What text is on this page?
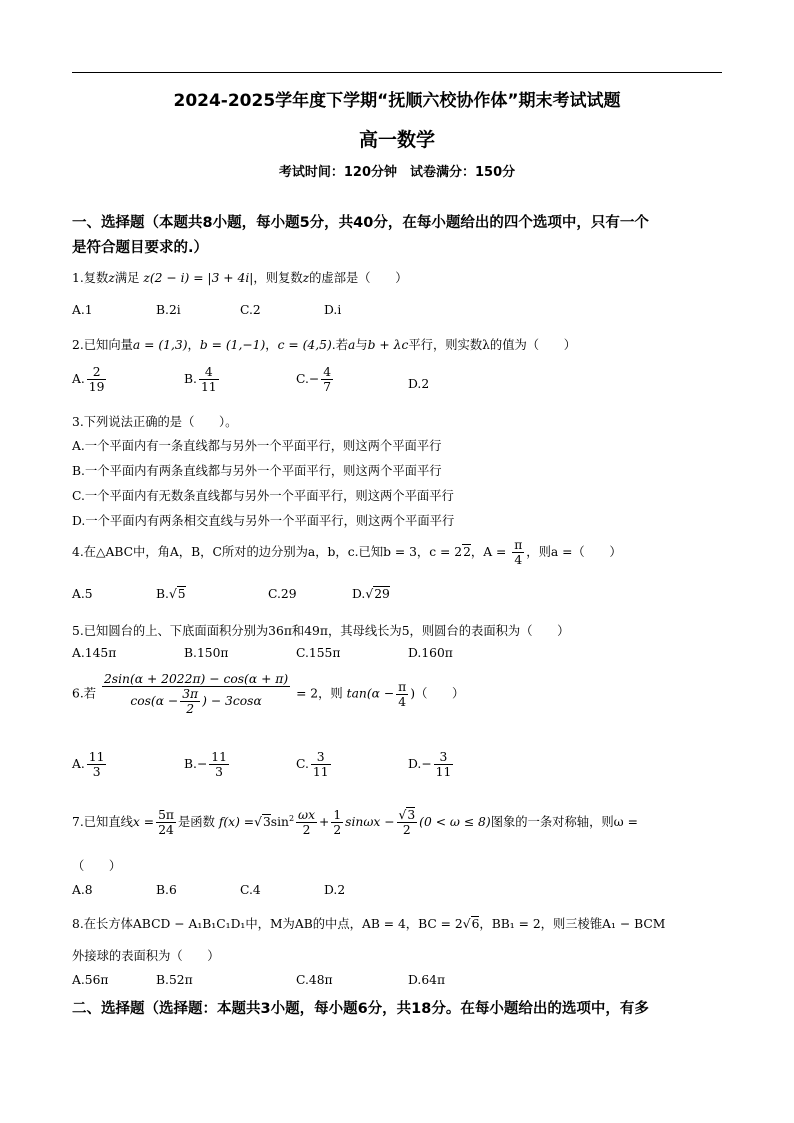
2024-2025学年度下学期“抚顺六校协作体”期末考试试题
高一数学
考试时间：120分钟　试卷满分：150分
一、选择题（本题共8小题，每小题5分，共40分，在每小题给出的四个选项中，只有一个
是符合题目要求的.）
1.复数z满足 z(2 − i) = |3 + 4i|，则复数z的虚部是（　　）
A.1	B.2i	C.2	D.i
2.已知向量a = (1,3)，b = (1,−1)，c = (4,5).若a与b + λc平行，则实数λ的值为（　　）
A. $\frac{2}{19}$	B. $\frac{4}{11}$	$C.- \frac{4}{7}$	D.2
3.下列说法正确的是（　　）。
A.一个平面内有一条直线都与另外一个平面平行，则这两个平面平行
B.一个平面内有两条直线都与另外一个平面平行，则这两个平面平行
C.一个平面内有无数条直线都与另外一个平面平行，则这两个平面平行
D.一个平面内有两条相交直线与另外一个平面平行，则这两个平面平行
4.在△ABC中，角A，B，C所对的边分别为a，b，c.已知b = 3，c = 22，$A = \frac{\pi}{4}$ ，则a =（　　）
A.5	B.√5	C.29	D.√29
5.已知圆台的上、下底面面积分别为36π和49π，其母线长为5，则圆台的表面积为（　　）
A.145π	B.150π	C.155π	D.160π
6.若 $\frac{2\sin(\alpha + 2022\pi) - \cos(\alpha + \pi)}{\cos(\alpha - \frac{3\pi}{2} ) - 3\cos\alpha} = 2$，则 $\tan(\alpha - \frac{\pi}{4}$ )（　　）
A. $\frac{11}{3}$	$B.- \frac{11}{3}$	C. $\frac{3}{11}$	$D.- \frac{3}{11}$
7.已知直线$x = \frac{5\pi}{24}$ 是函数 $f(x) =√3\sin^2 \frac{\omega x}{2} + \frac{1}{2}$ $\sin\omega x - \frac{√3}{2} (0 < \omega \le 8)$图象的一条对称轴，则ω =
（　　）
A.8	B.6	C.4	D.2
8.在长方体ABCD − A₁B₁C₁D₁中，M为AB的中点，AB = 4，BC = 2√6，BB₁ = 2，则三棱锥A₁ − BCM
外接球的表面积为（　　）
A.56π	B.52π	C.48π	D.64π
二、选择题（选择题：本题共3小题，每小题6分，共18分。在每小题给出的选项中，有多
